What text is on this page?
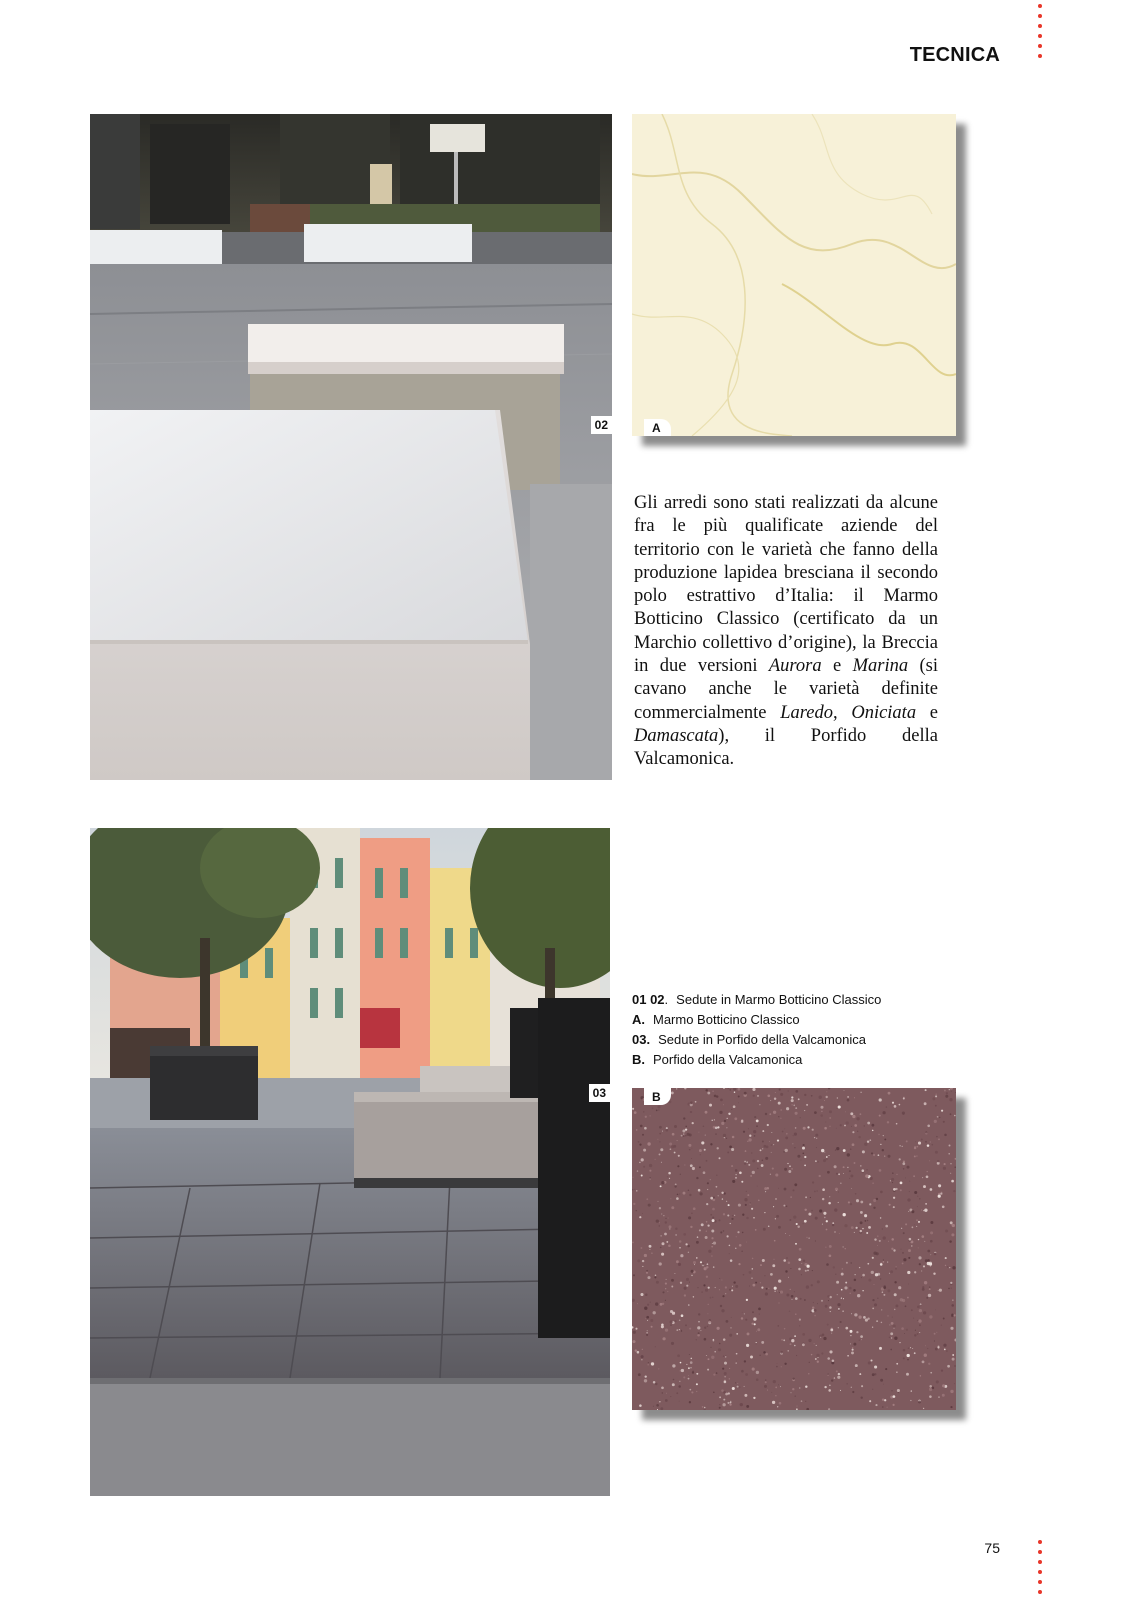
TECNICA
02	A

Gli arredi sono stati realizzati da alcune fra le più qualificate aziende del territorio con le varietà che fanno della produzione lapidea bresciana il secondo polo estrattivo d’Italia: il Marmo Botticino Classico (certificato da un Marchio collettivo d’origine), la Breccia in due versioni Aurora e Marina (si cavano anche le varietà definite commercialmente Laredo, Oniciata e Damascata), il Porfido della Valcamonica.

03
01 02. Sedute in Marmo Botticino Classico
A. Marmo Botticino Classico
03. Sedute in Porfido della Valcamonica
B. Porfido della Valcamonica
B
75
